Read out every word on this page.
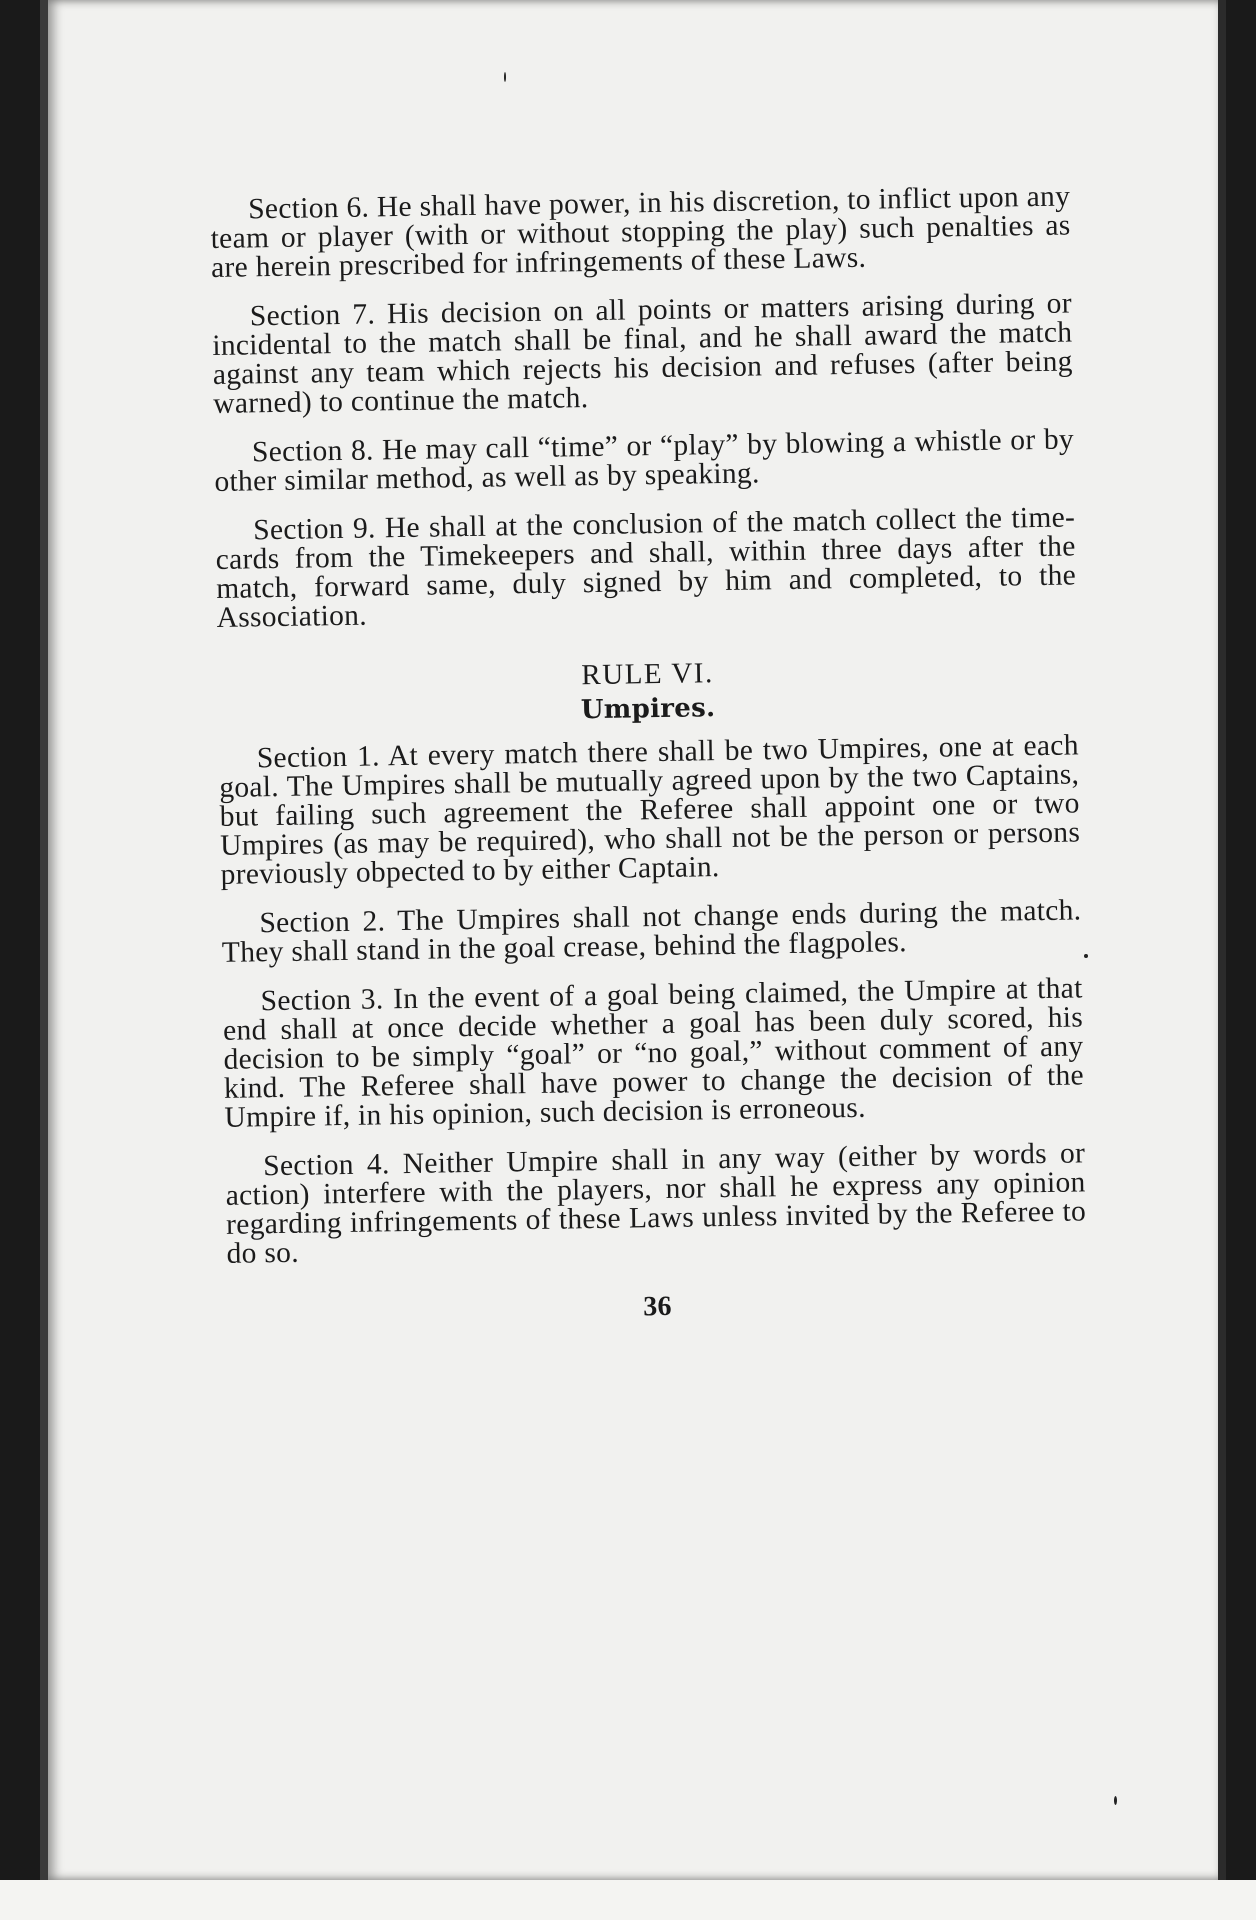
Section 6. He shall have power, in his discretion, to inflict upon any team or player (with or without stopping the play) such penalties as are herein prescribed for infringements of these Laws.

Section 7. His decision on all points or matters arising during or incidental to the match shall be final, and he shall award the match against any team which rejects his decision and refuses (after being warned) to continue the match.

Section 8. He may call “time” or “play” by blowing a whistle or by other similar method, as well as by speaking.

Section 9. He shall at the conclusion of the match collect the time-cards from the Timekeepers and shall, within three days after the match, forward same, duly signed by him and completed, to the Association.

RULE VI.
Umpires.

Section 1. At every match there shall be two Umpires, one at each goal. The Umpires shall be mutually agreed upon by the two Captains, but failing such agreement the Referee shall appoint one or two Umpires (as may be required), who shall not be the person or persons previously obpected to by either Captain.

Section 2. The Umpires shall not change ends during the match. They shall stand in the goal crease, behind the flagpoles.

Section 3. In the event of a goal being claimed, the Umpire at that end shall at once decide whether a goal has been duly scored, his decision to be simply “goal” or “no goal,” without comment of any kind. The Referee shall have power to change the decision of the Umpire if, in his opinion, such decision is erroneous.

Section 4. Neither Umpire shall in any way (either by words or action) interfere with the players, nor shall he express any opinion regarding infringements of these Laws unless invited by the Referee to do so.

36
